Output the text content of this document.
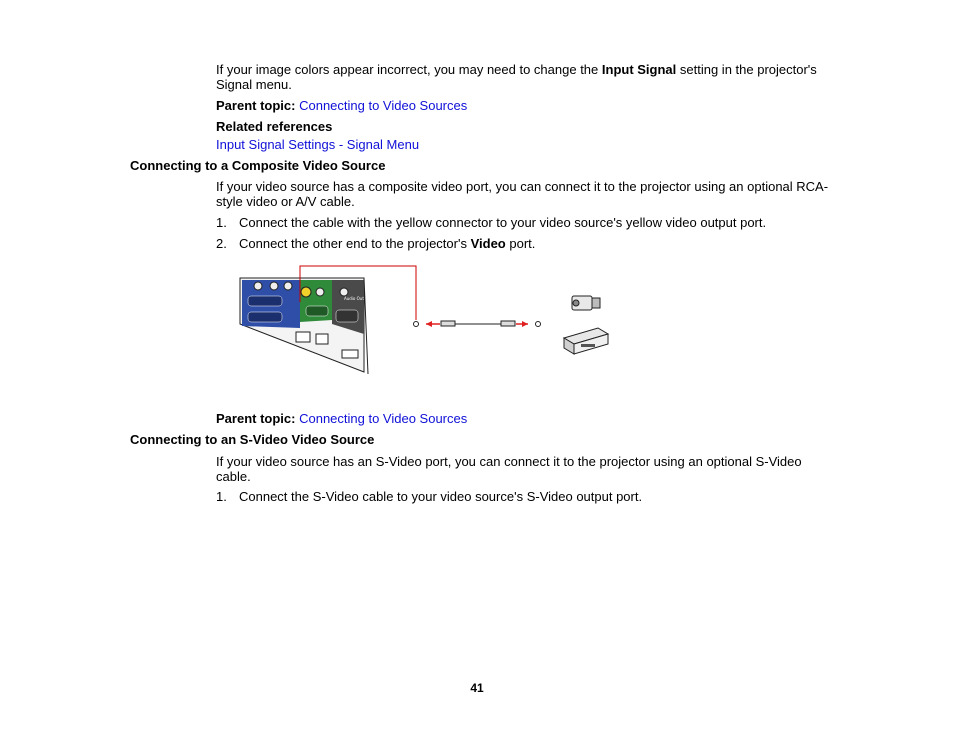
If your image colors appear incorrect, you may need to change the Input Signal setting in the projector's Signal menu.
Parent topic: Connecting to Video Sources
Related references
Input Signal Settings - Signal Menu
Connecting to a Composite Video Source
If your video source has a composite video port, you can connect it to the projector using an optional RCA-style video or A/V cable.
1. Connect the cable with the yellow connector to your video source's yellow video output port.
2. Connect the other end to the projector's Video port.
Audio Out
Parent topic: Connecting to Video Sources
Connecting to an S-Video Video Source
If your video source has an S-Video port, you can connect it to the projector using an optional S-Video cable.
1. Connect the S-Video cable to your video source's S-Video output port.
41
